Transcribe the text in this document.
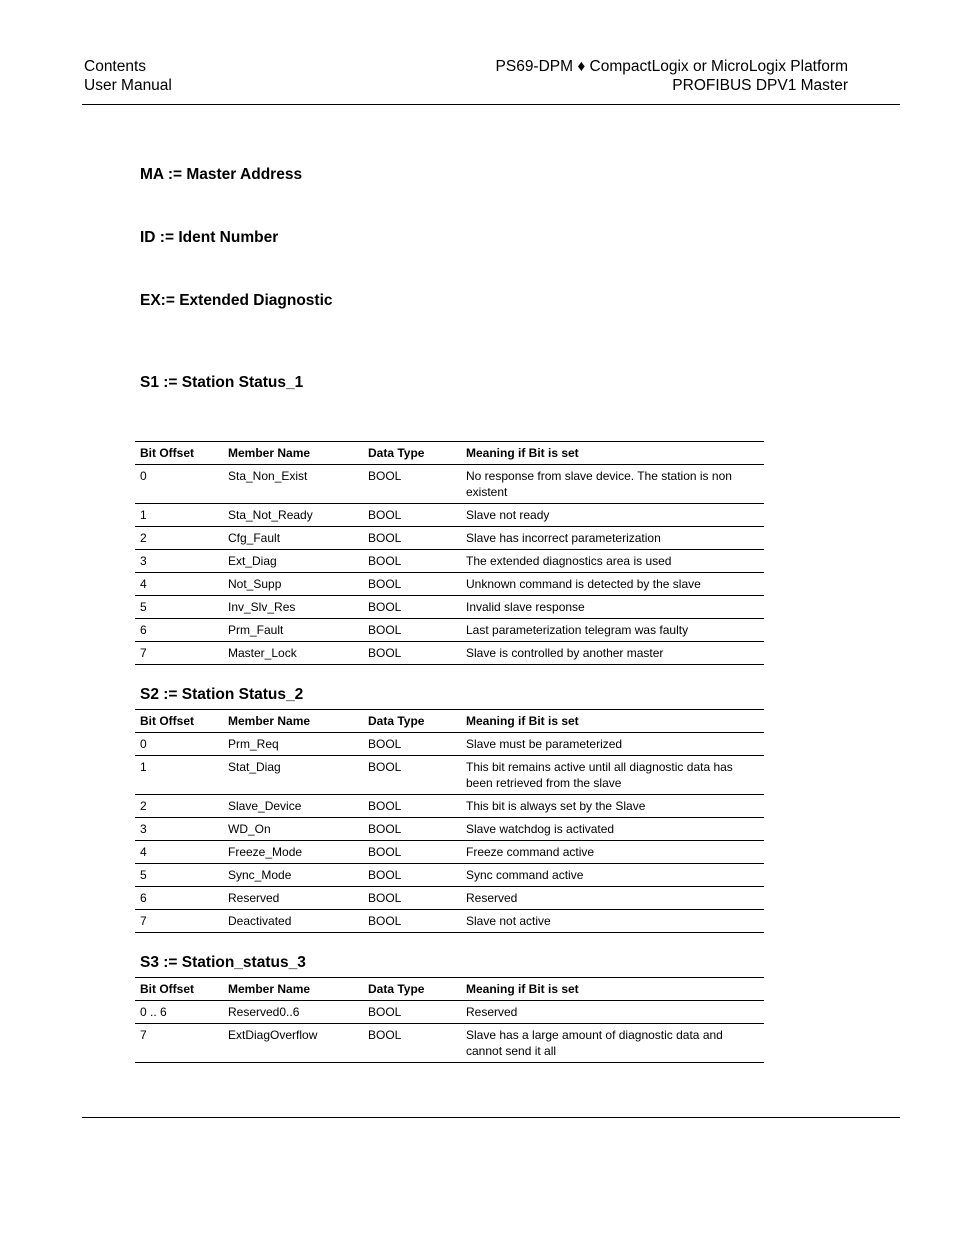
Contents
User Manual
PS69-DPM ♦ CompactLogix or MicroLogix Platform
PROFIBUS DPV1 Master
MA := Master Address
ID := Ident Number
EX:= Extended Diagnostic
S1 := Station Status_1
Bit Offset	Member Name	Data Type	Meaning if Bit is set
0	Sta_Non_Exist	BOOL	No response from slave device. The station is non existent
1	Sta_Not_Ready	BOOL	Slave not ready
2	Cfg_Fault	BOOL	Slave has incorrect parameterization
3	Ext_Diag	BOOL	The extended diagnostics area is used
4	Not_Supp	BOOL	Unknown command is detected by the slave
5	Inv_Slv_Res	BOOL	Invalid slave response
6	Prm_Fault	BOOL	Last parameterization telegram was faulty
7	Master_Lock	BOOL	Slave is controlled by another master
S2 := Station Status_2
Bit Offset	Member Name	Data Type	Meaning if Bit is set
0	Prm_Req	BOOL	Slave must be parameterized
1	Stat_Diag	BOOL	This bit remains active until all diagnostic data has been retrieved from the slave
2	Slave_Device	BOOL	This bit is always set by the Slave
3	WD_On	BOOL	Slave watchdog is activated
4	Freeze_Mode	BOOL	Freeze command active
5	Sync_Mode	BOOL	Sync command active
6	Reserved	BOOL	Reserved
7	Deactivated	BOOL	Slave not active
S3 := Station_status_3
Bit Offset	Member Name	Data Type	Meaning if Bit is set
0 .. 6	Reserved0..6	BOOL	Reserved
7	ExtDiagOverflow	BOOL	Slave has a large amount of diagnostic data and cannot send it all
